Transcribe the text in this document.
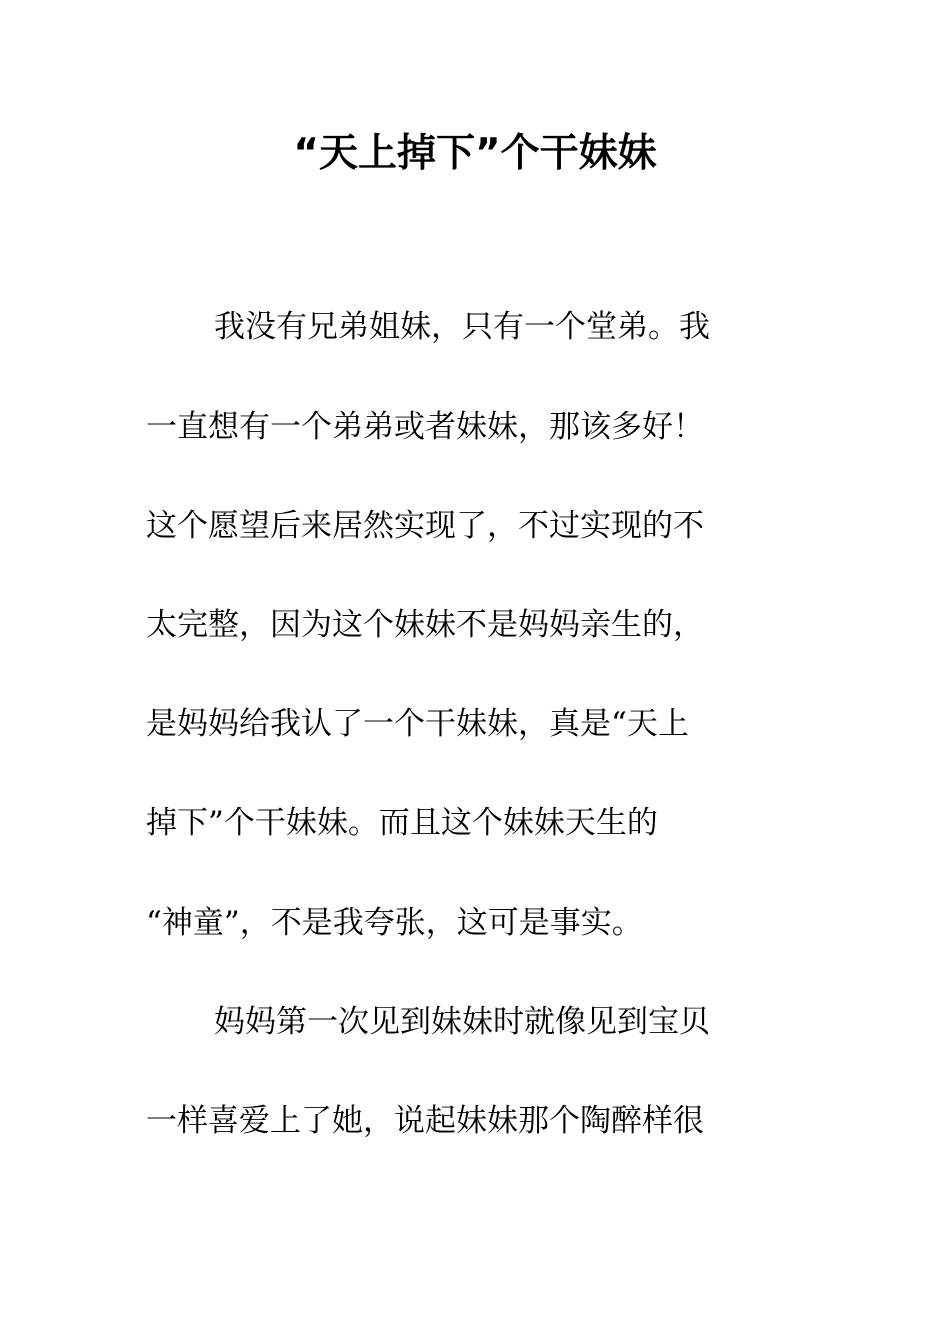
“天上掉下”个干妹妹
我没有兄弟姐妹，只有一个堂弟。我
一直想有一个弟弟或者妹妹，那该多好！
这个愿望后来居然实现了，不过实现的不
太完整，因为这个妹妹不是妈妈亲生的，
是妈妈给我认了一个干妹妹，真是“天上
掉下”个干妹妹。而且这个妹妹天生的
“神童”，不是我夸张，这可是事实。
妈妈第一次见到妹妹时就像见到宝贝
一样喜爱上了她，说起妹妹那个陶醉样很
